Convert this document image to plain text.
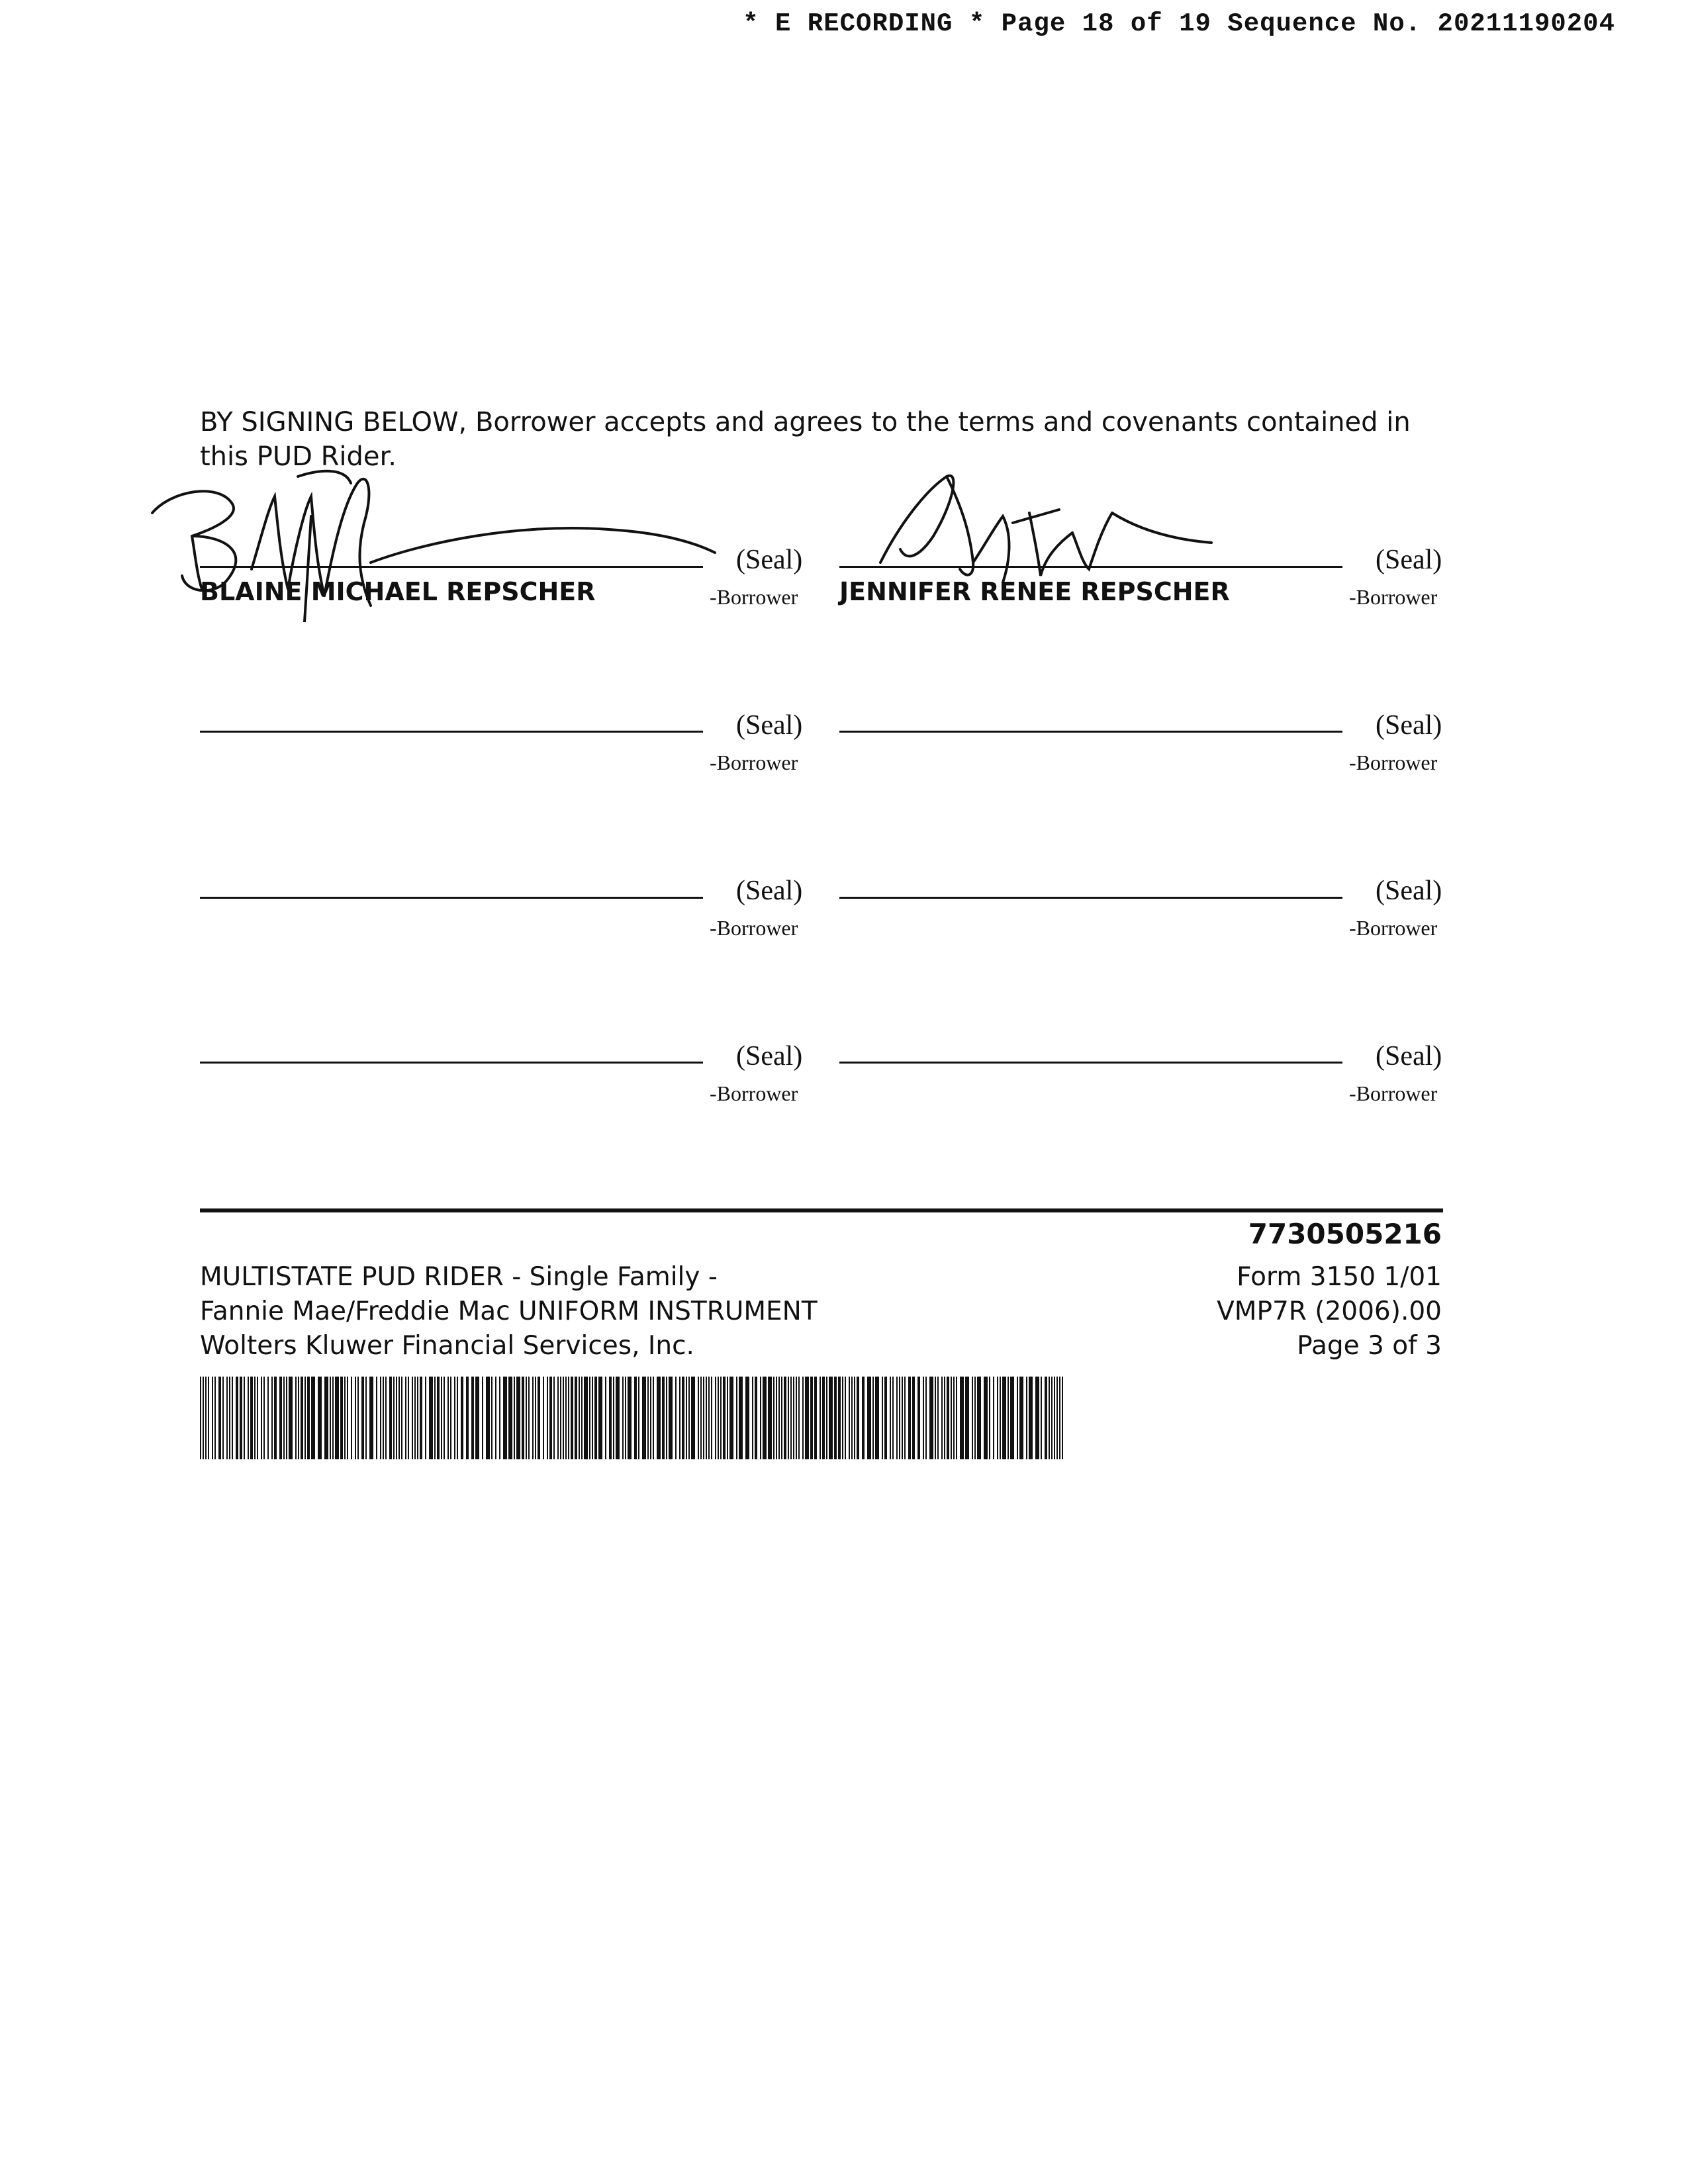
* E RECORDING * Page 18 of 19 Sequence No. 20211190204
BY SIGNING BELOW, Borrower accepts and agrees to the terms and covenants contained in this PUD Rider.
(Seal)
-Borrower
BLAINE MICHAEL REPSCHER
(Seal)
-Borrower
JENNIFER RENEE REPSCHER
(Seal)
-Borrower
(Seal)
-Borrower
(Seal)
-Borrower
(Seal)
-Borrower
(Seal)
-Borrower
(Seal)
-Borrower
7730505216
MULTISTATE PUD RIDER - Single Family -
Fannie Mae/Freddie Mac UNIFORM INSTRUMENT
Wolters Kluwer Financial Services, Inc.
Form 3150 1/01
VMP7R (2006).00
Page 3 of 3
